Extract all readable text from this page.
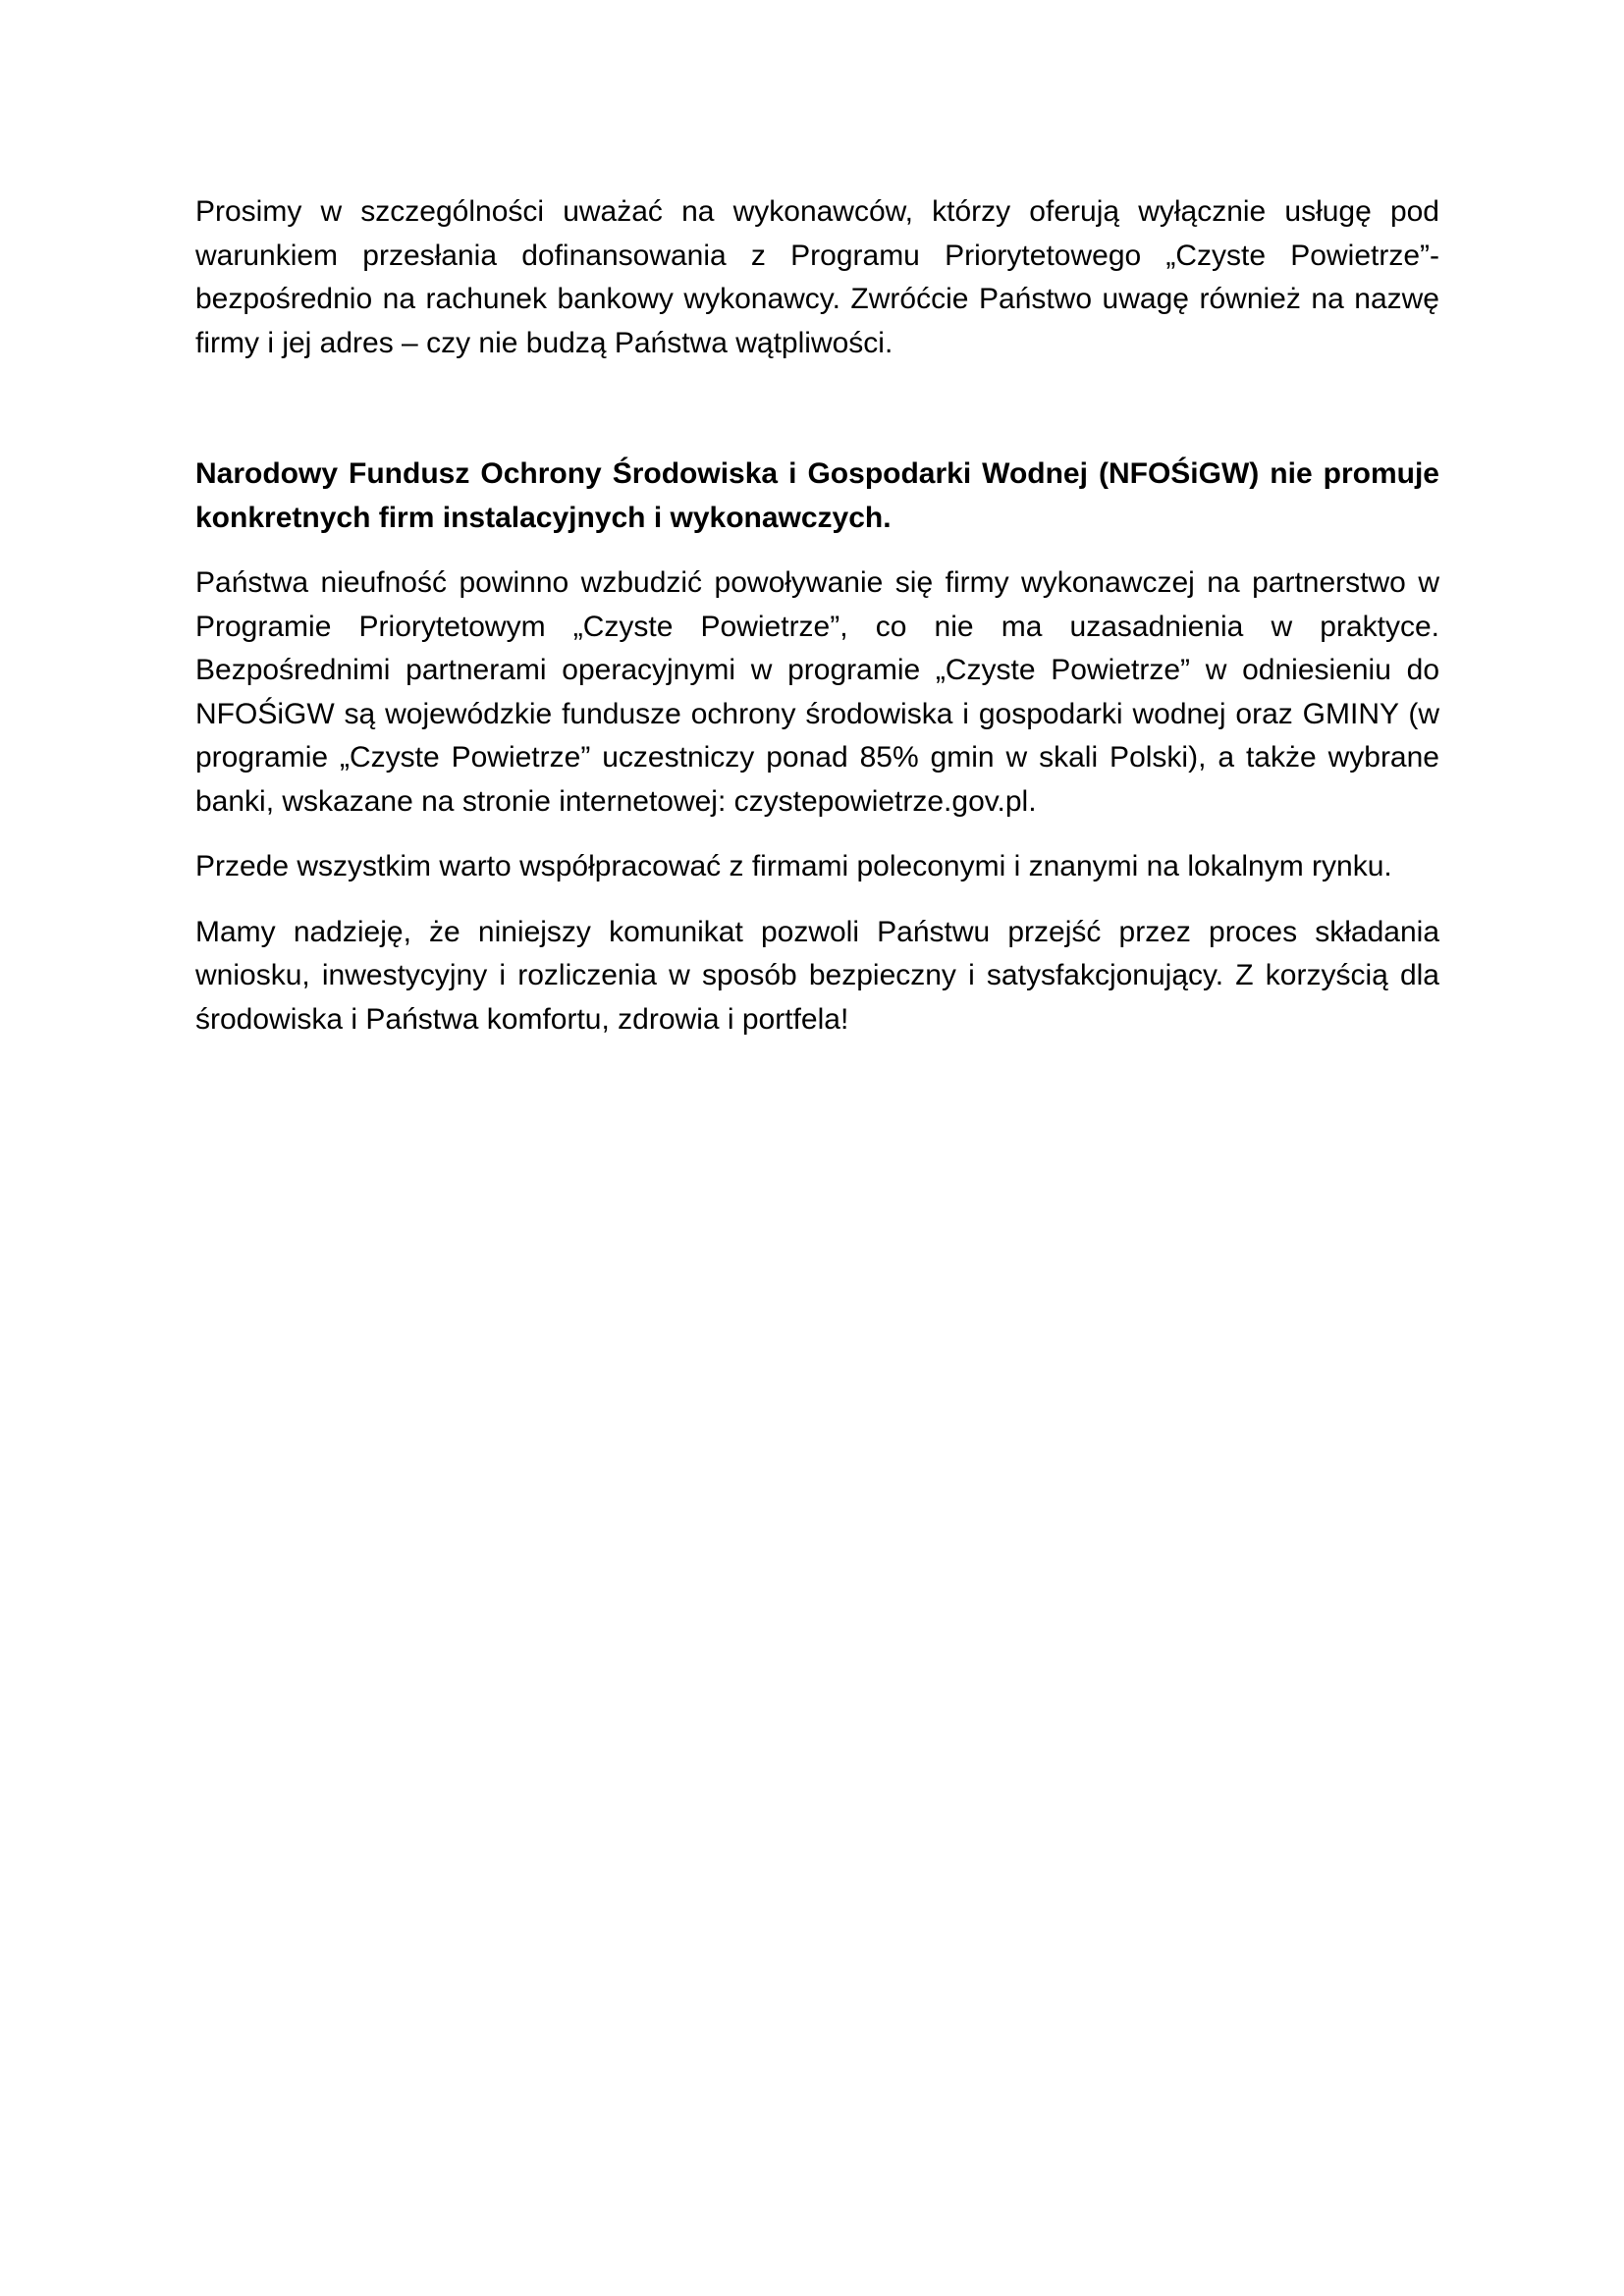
Prosimy w szczególności uważać na wykonawców, którzy oferują wyłącznie usługę pod warunkiem przesłania dofinansowania z Programu Priorytetowego „Czyste Powietrze”- bezpośrednio na rachunek bankowy wykonawcy. Zwróćcie Państwo uwagę również na nazwę firmy i jej adres – czy nie budzą Państwa wątpliwości.

Narodowy Fundusz Ochrony Środowiska i Gospodarki Wodnej (NFOŚiGW) nie promuje konkretnych firm instalacyjnych i wykonawczych.

Państwa nieufność powinno wzbudzić powoływanie się firmy wykonawczej na partnerstwo w Programie Priorytetowym „Czyste Powietrze”, co nie ma uzasadnienia w praktyce. Bezpośrednimi partnerami operacyjnymi w programie „Czyste Powietrze” w odniesieniu do NFOŚiGW są wojewódzkie fundusze ochrony środowiska i gospodarki wodnej oraz GMINY (w programie „Czyste Powietrze” uczestniczy ponad 85% gmin w skali Polski), a także wybrane banki, wskazane na stronie internetowej: czystepowietrze.gov.pl.

Przede wszystkim warto współpracować z firmami poleconymi i znanymi na lokalnym rynku.

Mamy nadzieję, że niniejszy komunikat pozwoli Państwu przejść przez proces składania wniosku, inwestycyjny i rozliczenia w sposób bezpieczny i satysfakcjonujący. Z korzyścią dla środowiska i Państwa komfortu, zdrowia i portfela!
